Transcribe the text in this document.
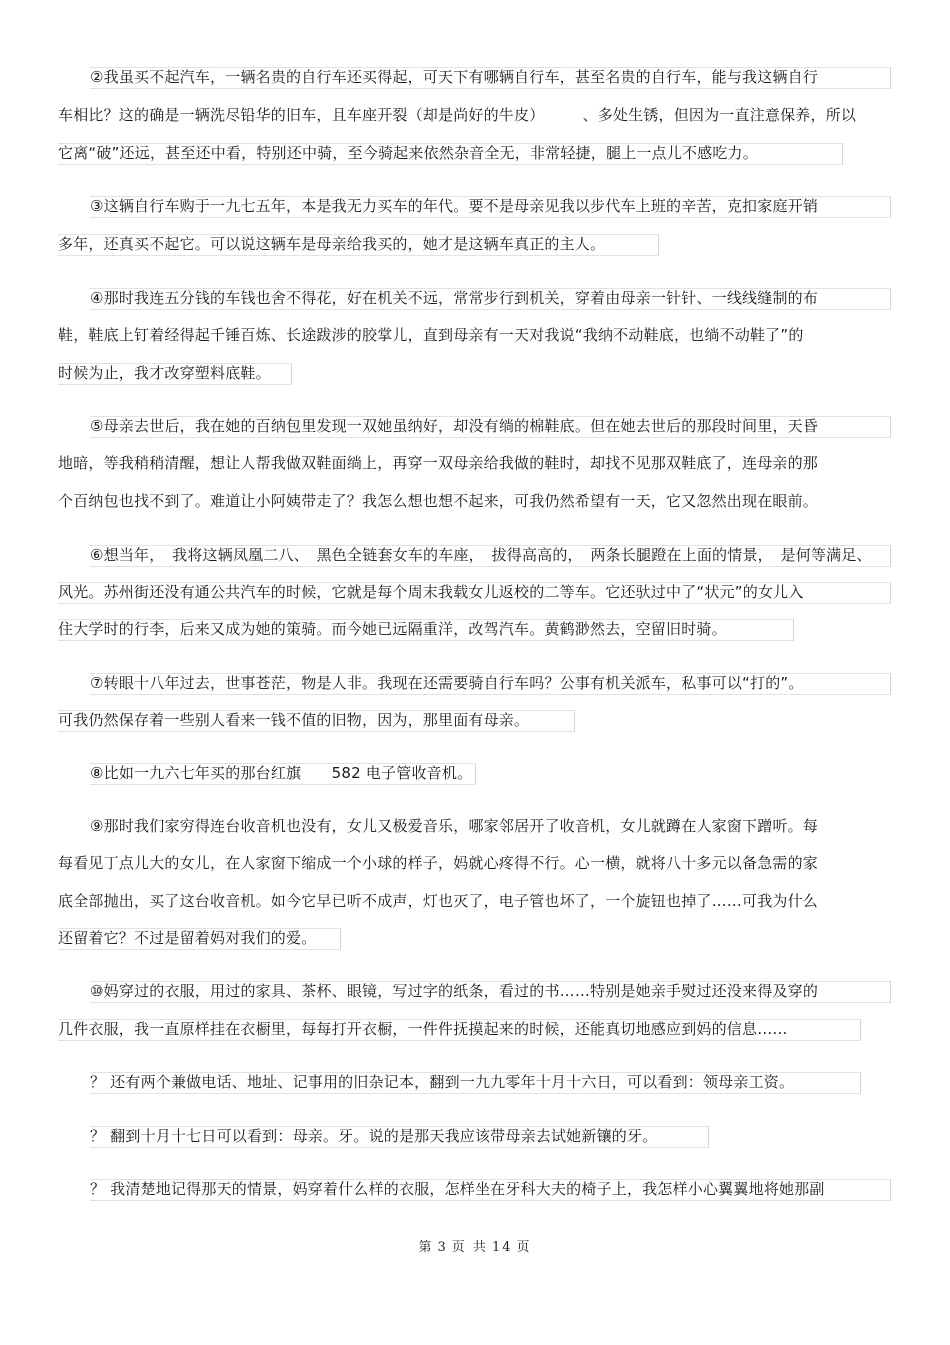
②我虽买不起汽车，一辆名贵的自行车还买得起，可天下有哪辆自行车，甚至名贵的自行车，能与我这辆自行
车相比？这的确是一辆洗尽铅华的旧车，且车座开裂（却是尚好的牛皮）　　　、多处生锈，但因为一直注意保养，所以
它离“破”还远，甚至还中看，特别还中骑，至今骑起来依然杂音全无，非常轻捷，腿上一点儿不感吃力。
③这辆自行车购于一九七五年，本是我无力买车的年代。要不是母亲见我以步代车上班的辛苦，克扣家庭开销
多年，还真买不起它。可以说这辆车是母亲给我买的，她才是这辆车真正的主人。
④那时我连五分钱的车钱也舍不得花，好在机关不远，常常步行到机关，穿着由母亲一针针、一线线缝制的布
鞋，鞋底上钉着经得起千锤百炼、长途跋涉的胶掌儿，直到母亲有一天对我说“我纳不动鞋底，也绱不动鞋了”的
时候为止，我才改穿塑料底鞋。
⑤母亲去世后，我在她的百纳包里发现一双她虽纳好，却没有绱的棉鞋底。但在她去世后的那段时间里，天昏
地暗，等我稍稍清醒，想让人帮我做双鞋面绱上，再穿一双母亲给我做的鞋时，却找不见那双鞋底了，连母亲的那
个百纳包也找不到了。难道让小阿姨带走了？我怎么想也想不起来，可我仍然希望有一天，它又忽然出现在眼前。
⑥想当年，　我将这辆凤凰二八、　黑色全链套女车的车座，　拔得高高的，　两条长腿蹬在上面的情景，　是何等满足、
风光。苏州街还没有通公共汽车的时候，它就是每个周末我载女儿返校的二等车。它还驮过中了“状元”的女儿入
住大学时的行李，后来又成为她的策骑。而今她已远隔重洋，改驾汽车。黄鹤渺然去，空留旧时骑。
⑦转眼十八年过去，世事苍茫，物是人非。我现在还需要骑自行车吗？公事有机关派车，私事可以“打的”。
可我仍然保存着一些别人看来一钱不值的旧物，因为，那里面有母亲。
⑧比如一九六七年买的那台红旗　　582 电子管收音机。
⑨那时我们家穷得连台收音机也没有，女儿又极爱音乐，哪家邻居开了收音机，女儿就蹲在人家窗下蹭听。每
每看见丁点儿大的女儿，在人家窗下缩成一个小球的样子，妈就心疼得不行。心一横，就将八十多元以备急需的家
底全部抛出，买了这台收音机。如今它早已听不成声，灯也灭了，电子管也坏了，一个旋钮也掉了……可我为什么
还留着它？不过是留着妈对我们的爱。
⑩妈穿过的衣服，用过的家具、茶杯、眼镜，写过字的纸条，看过的书……特别是她亲手熨过还没来得及穿的
几件衣服，我一直原样挂在衣橱里，每每打开衣橱，一件件抚摸起来的时候，还能真切地感应到妈的信息……
？ 还有两个兼做电话、地址、记事用的旧杂记本，翻到一九九零年十月十六日，可以看到：领母亲工资。
？ 翻到十月十七日可以看到：母亲。牙。说的是那天我应该带母亲去试她新镶的牙。
？ 我清楚地记得那天的情景，妈穿着什么样的衣服，怎样坐在牙科大夫的椅子上，我怎样小心翼翼地将她那副
第 3 页 共 14 页
